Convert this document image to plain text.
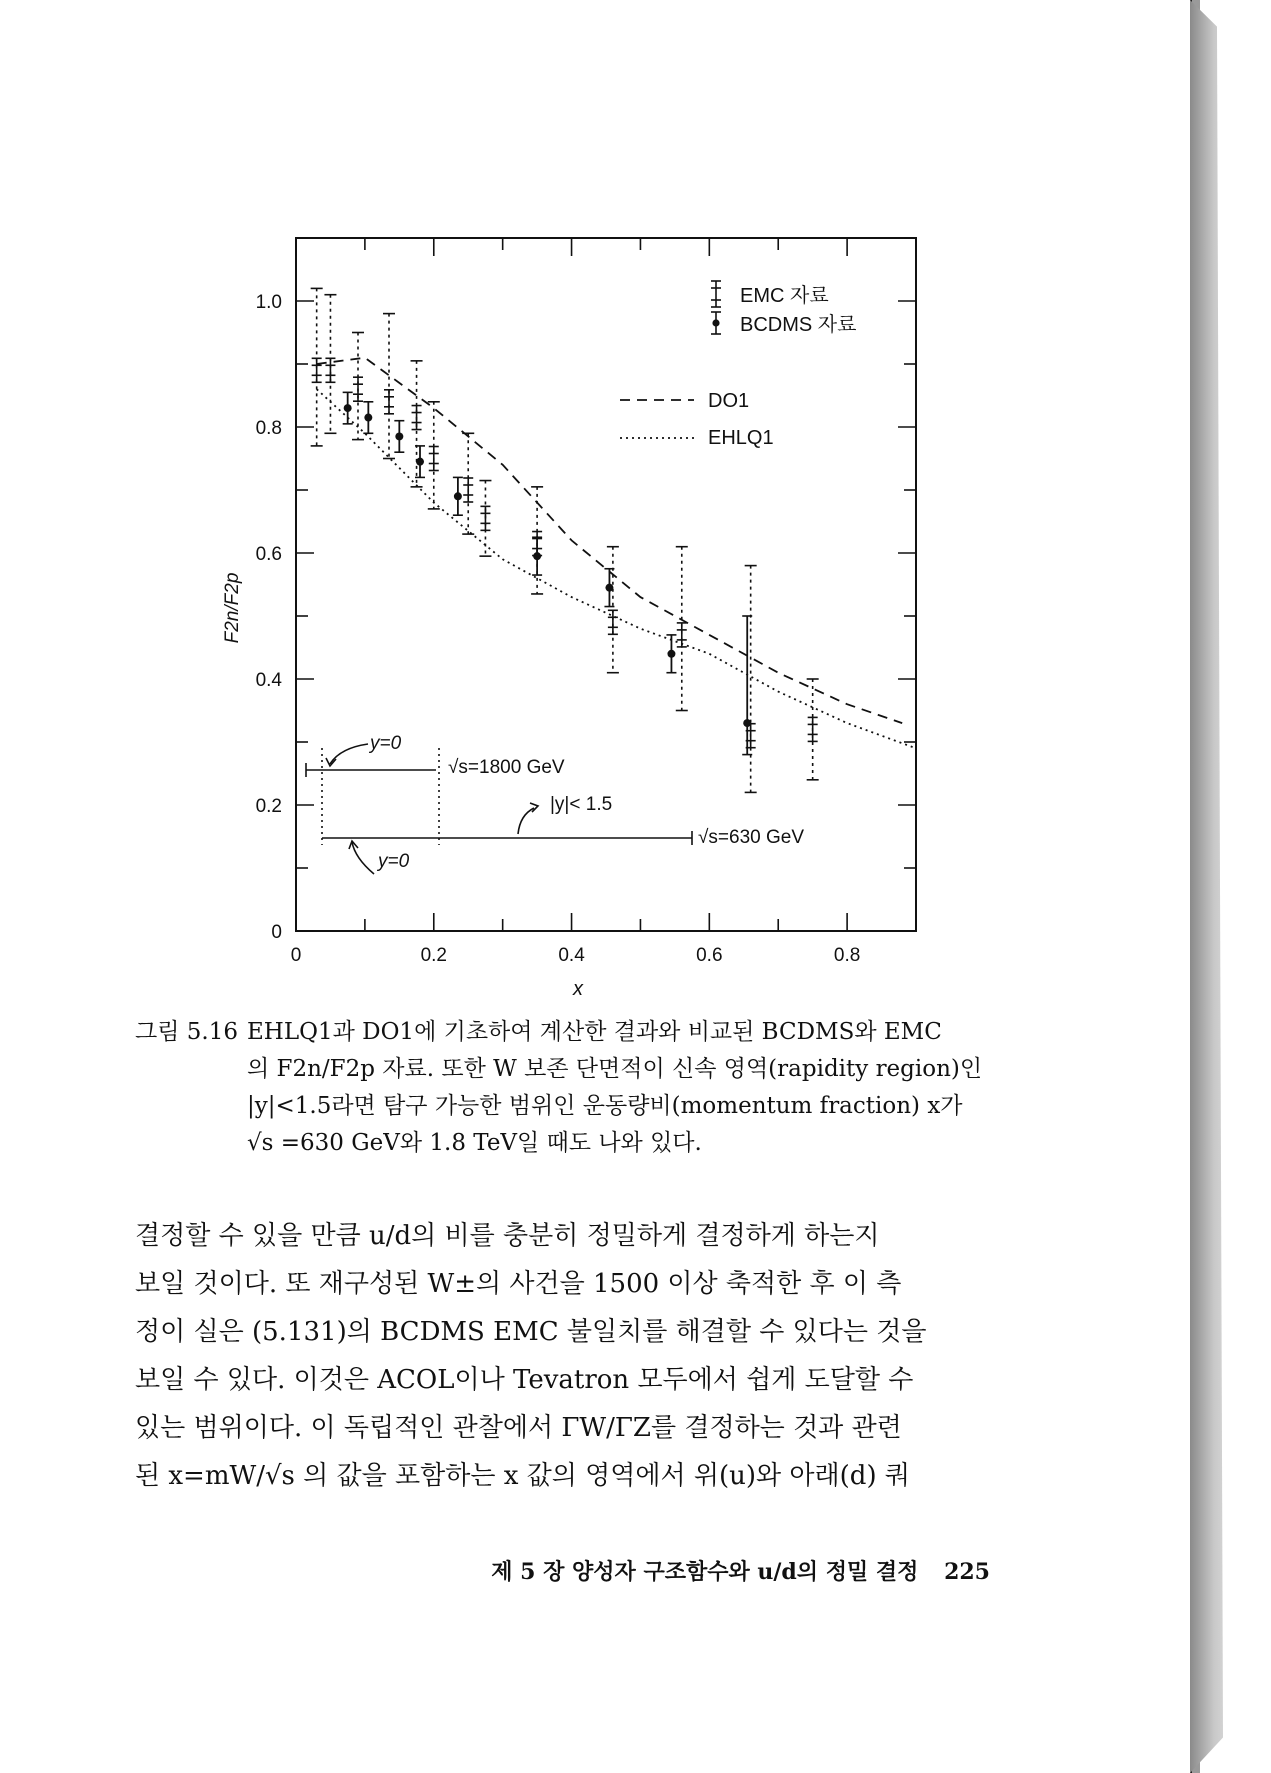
0	0.2	0.4	0.6	0.8
0
0.2
0.4
0.6
0.8
1.0
x
F2n/F2p
EMC 자료
BCDMS 자료
DO1
EHLQ1
y=0
√s=1800 GeV
|y|< 1.5
√s=630 GeV
y=0
그림 5.16 EHLQ1과 DO1에 기초하여 계산한 결과와 비교된 BCDMS와 EMC
의 F2n/F2p 자료. 또한 W 보존 단면적이 신속 영역(rapidity region)인
|y|<1.5라면 탐구 가능한 범위인 운동량비(momentum fraction) x가
√s =630 GeV와 1.8 TeV일 때도 나와 있다.
결정할 수 있을 만큼 u/d의 비를 충분히 정밀하게 결정하게 하는지
보일 것이다. 또 재구성된 W±의 사건을 1500 이상 축적한 후 이 측
정이 실은 (5.131)의 BCDMS EMC 불일치를 해결할 수 있다는 것을
보일 수 있다. 이것은 ACOL이나 Tevatron 모두에서 쉽게 도달할 수
있는 범위이다. 이 독립적인 관찰에서 ΓW/ΓZ를 결정하는 것과 관련
된 x=mW/√s 의 값을 포함하는 x 값의 영역에서 위(u)와 아래(d) 쿼
제 5 장 양성자 구조함수와 u/d의 정밀 결정 225
